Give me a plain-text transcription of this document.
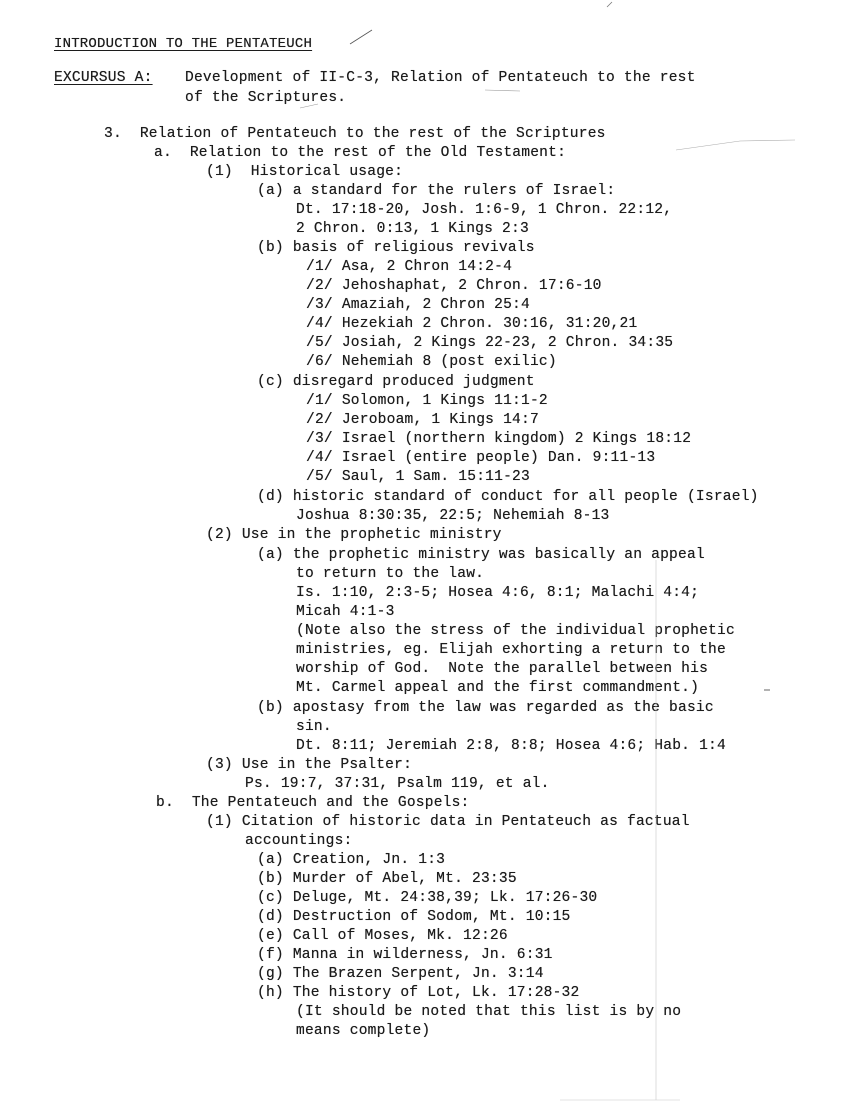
INTRODUCTION TO THE PENTATEUCH
EXCURSUS A: Development of II-C-3, Relation of Pentateuch to the rest
of the Scriptures.
3.  Relation of Pentateuch to the rest of the Scriptures
a.  Relation to the rest of the Old Testament:
(1)  Historical usage:
(a) a standard for the rulers of Israel:
Dt. 17:18-20, Josh. 1:6-9, 1 Chron. 22:12,
2 Chron. 0:13, 1 Kings 2:3
(b) basis of religious revivals
/1/ Asa, 2 Chron 14:2-4
/2/ Jehoshaphat, 2 Chron. 17:6-10
/3/ Amaziah, 2 Chron 25:4
/4/ Hezekiah 2 Chron. 30:16, 31:20,21
/5/ Josiah, 2 Kings 22-23, 2 Chron. 34:35
/6/ Nehemiah 8 (post exilic)
(c) disregard produced judgment
/1/ Solomon, 1 Kings 11:1-2
/2/ Jeroboam, 1 Kings 14:7
/3/ Israel (northern kingdom) 2 Kings 18:12
/4/ Israel (entire people) Dan. 9:11-13
/5/ Saul, 1 Sam. 15:11-23
(d) historic standard of conduct for all people (Israel)
Joshua 8:30:35, 22:5; Nehemiah 8-13
(2) Use in the prophetic ministry
(a) the prophetic ministry was basically an appeal
to return to the law.
Is. 1:10, 2:3-5; Hosea 4:6, 8:1; Malachi 4:4;
Micah 4:1-3
(Note also the stress of the individual prophetic
ministries, eg. Elijah exhorting a return to the
worship of God.  Note the parallel between his
Mt. Carmel appeal and the first commandment.)
(b) apostasy from the law was regarded as the basic
sin.
Dt. 8:11; Jeremiah 2:8, 8:8; Hosea 4:6; Hab. 1:4
(3) Use in the Psalter:
Ps. 19:7, 37:31, Psalm 119, et al.
b.  The Pentateuch and the Gospels:
(1) Citation of historic data in Pentateuch as factual
accountings:
(a) Creation, Jn. 1:3
(b) Murder of Abel, Mt. 23:35
(c) Deluge, Mt. 24:38,39; Lk. 17:26-30
(d) Destruction of Sodom, Mt. 10:15
(e) Call of Moses, Mk. 12:26
(f) Manna in wilderness, Jn. 6:31
(g) The Brazen Serpent, Jn. 3:14
(h) The history of Lot, Lk. 17:28-32
(It should be noted that this list is by no
means complete)
